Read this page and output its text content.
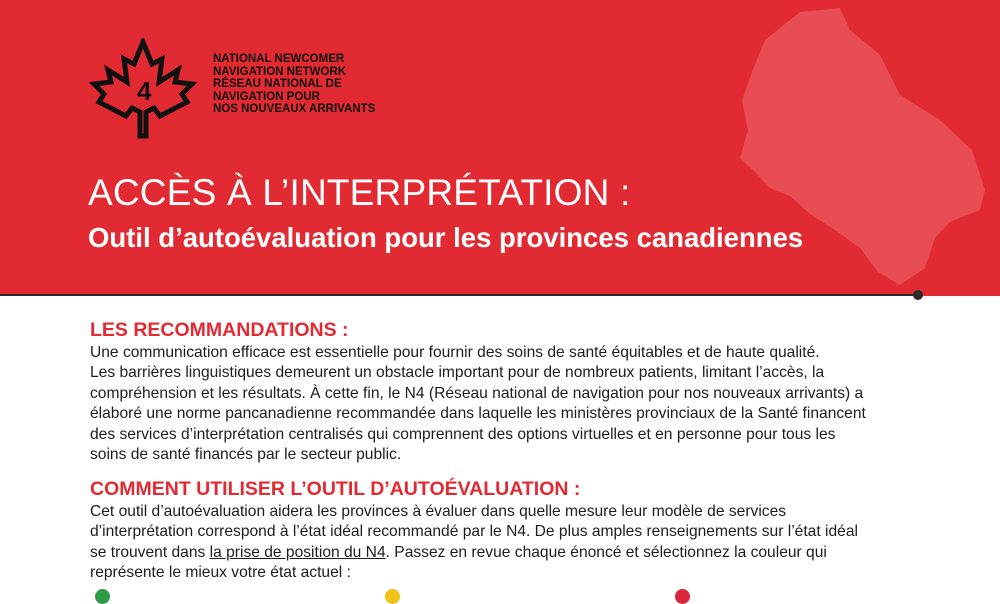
4
NATIONAL NEWCOMER
NAVIGATION NETWORK
RÉSEAU NATIONAL DE
NAVIGATION POUR
NOS NOUVEAUX ARRIVANTS
ACCÈS À L’INTERPRÉTATION :
Outil d’autoévaluation pour les provinces canadiennes
LES RECOMMANDATIONS :
Une communication efficace est essentielle pour fournir des soins de santé équitables et de haute qualité.
Les barrières linguistiques demeurent un obstacle important pour de nombreux patients, limitant l’accès, la
compréhension et les résultats. À cette fin, le N4 (Réseau national de navigation pour nos nouveaux arrivants) a
élaboré une norme pancanadienne recommandée dans laquelle les ministères provinciaux de la Santé financent
des services d’interprétation centralisés qui comprennent des options virtuelles et en personne pour tous les
soins de santé financés par le secteur public.
COMMENT UTILISER L’OUTIL D’AUTOÉVALUATION :
Cet outil d’autoévaluation aidera les provinces à évaluer dans quelle mesure leur modèle de services
d’interprétation correspond à l’état idéal recommandé par le N4. De plus amples renseignements sur l’état idéal
se trouvent dans la prise de position du N4. Passez en revue chaque énoncé et sélectionnez la couleur qui
représente le mieux votre état actuel :
